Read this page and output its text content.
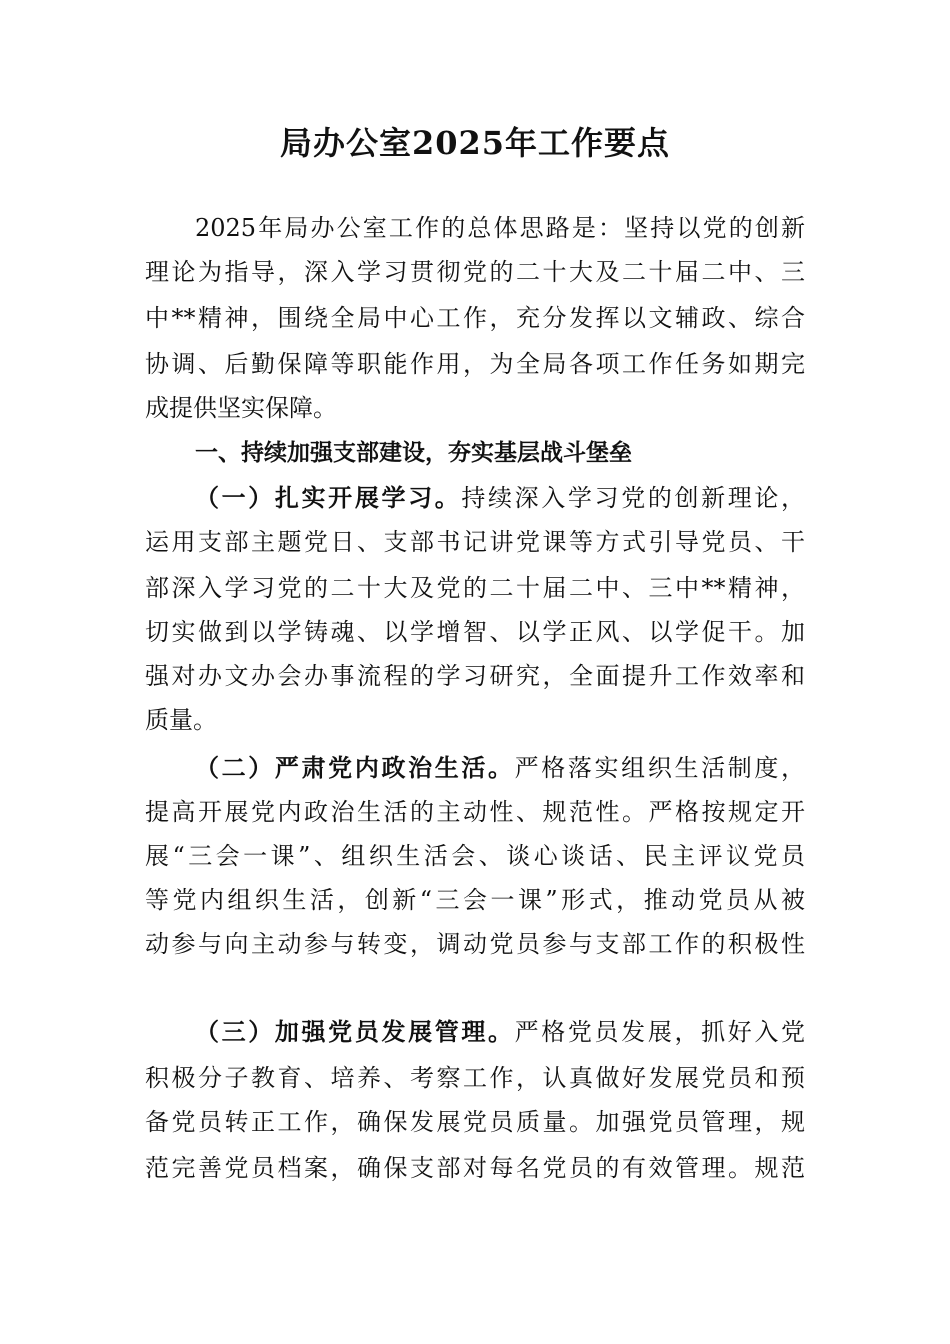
局办公室2025年工作要点
2025年局办公室工作的总体思路是：坚持以党的创新
理论为指导，深入学习贯彻党的二十大及二十届二中、三
中**精神，围绕全局中心工作，充分发挥以文辅政、综合
协调、后勤保障等职能作用，为全局各项工作任务如期完
成提供坚实保障。
一、持续加强支部建设，夯实基层战斗堡垒
（一）扎实开展学习。持续深入学习党的创新理论，
运用支部主题党日、支部书记讲党课等方式引导党员、干
部深入学习党的二十大及党的二十届二中、三中**精神，
切实做到以学铸魂、以学增智、以学正风、以学促干。加
强对办文办会办事流程的学习研究，全面提升工作效率和
质量。
（二）严肃党内政治生活。严格落实组织生活制度，
提高开展党内政治生活的主动性、规范性。严格按规定开
展“三会一课”、组织生活会、谈心谈话、民主评议党员
等党内组织生活，创新“三会一课”形式，推动党员从被
动参与向主动参与转变，调动党员参与支部工作的积极性
（三）加强党员发展管理。严格党员发展，抓好入党
积极分子教育、培养、考察工作，认真做好发展党员和预
备党员转正工作，确保发展党员质量。加强党员管理，规
范完善党员档案，确保支部对每名党员的有效管理。规范
